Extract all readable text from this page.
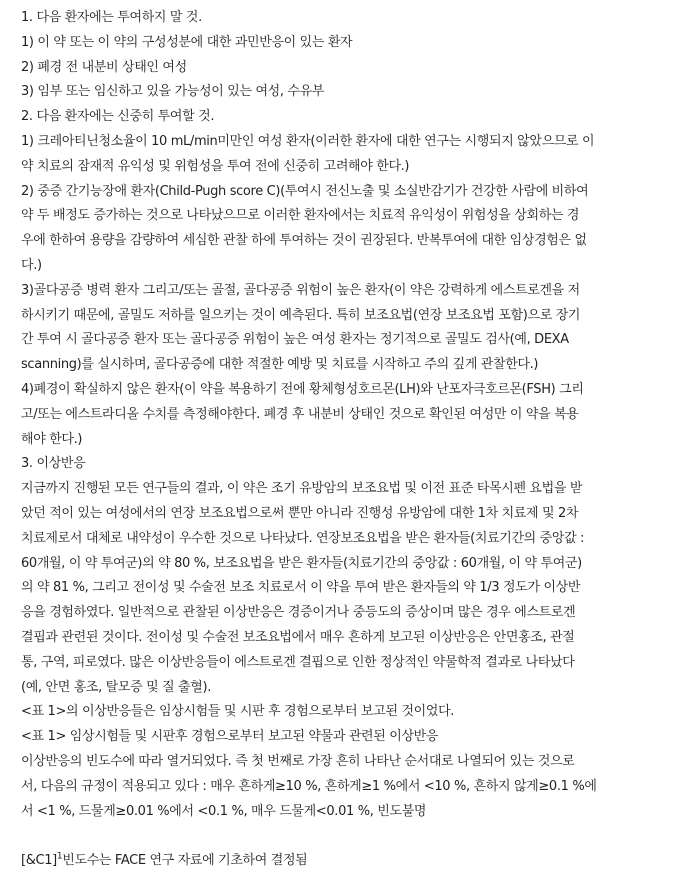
1. 다음 환자에는 투여하지 말 것.
1) 이 약 또는 이 약의 구성성분에 대한 과민반응이 있는 환자
2) 폐경 전 내분비 상태인 여성
3) 임부 또는 임신하고 있을 가능성이 있는 여성, 수유부
2. 다음 환자에는 신중히 투여할 것.
1) 크레아티닌청소율이 10 mL/min미만인 여성 환자(이러한 환자에 대한 연구는 시행되지 않았으므로 이
약 치료의 잠재적 유익성 및 위험성을 투여 전에 신중히 고려해야 한다.)
2) 중증 간기능장애 환자(Child-Pugh score C)(투여시 전신노출 및 소실반감기가 건강한 사람에 비하여
약 두 배정도 증가하는 것으로 나타났으므로 이러한 환자에서는 치료적 유익성이 위험성을 상회하는 경
우에 한하여 용량을 감량하여 세심한 관찰 하에 투여하는 것이 권장된다. 반복투여에 대한 임상경험은 없
다.)
3)골다공증 병력 환자 그리고/또는 골절, 골다공증 위험이 높은 환자(이 약은 강력하게 에스트로겐을 저
하시키기 때문에, 골밀도 저하를 일으키는 것이 예측된다. 특히 보조요법(연장 보조요법 포함)으로 장기
간 투여 시 골다공증 환자 또는 골다공증 위험이 높은 여성 환자는 정기적으로 골밀도 검사(예, DEXA
scanning)를 실시하며, 골다공증에 대한 적절한 예방 및 치료를 시작하고 주의 깊게 관찰한다.)
4)폐경이 확실하지 않은 환자(이 약을 복용하기 전에 황체형성호르몬(LH)와 난포자극호르몬(FSH) 그리
고/또는 에스트라디올 수치를 측정해야한다. 폐경 후 내분비 상태인 것으로 확인된 여성만 이 약을 복용
해야 한다.)
3. 이상반응
지금까지 진행된 모든 연구들의 결과, 이 약은 조기 유방암의 보조요법 및 이전 표준 타목시펜 요법을 받
았던 적이 있는 여성에서의 연장 보조요법으로써 뿐만 아니라 진행성 유방암에 대한 1차 치료제 및 2차
치료제로서 대체로 내약성이 우수한 것으로 나타났다. 연장보조요법을 받은 환자들(치료기간의 중앙값 :
60개월, 이 약 투여군)의 약 80 %, 보조요법을 받은 환자들(치료기간의 중앙값 : 60개월, 이 약 투여군)
의 약 81 %, 그리고 전이성 및 수술전 보조 치료로서 이 약을 투여 받은 환자들의 약 1/3 정도가 이상반
응을 경험하였다. 일반적으로 관찰된 이상반응은 경증이거나 중등도의 증상이며 많은 경우 에스트로겐
결핍과 관련된 것이다. 전이성 및 수술전 보조요법에서 매우 흔하게 보고된 이상반응은 안면홍조, 관절
통, 구역, 피로였다. 많은 이상반응들이 에스트로겐 결핍으로 인한 정상적인 약물학적 결과로 나타났다
(예, 안면 홍조, 탈모증 및 질 출혈).
<표 1>의 이상반응들은 임상시험들 및 시판 후 경험으로부터 보고된 것이었다.
<표 1> 임상시험들 및 시판후 경험으로부터 보고된 약물과 관련된 이상반응
이상반응의 빈도수에 따라 열거되었다. 즉 첫 번째로 가장 흔히 나타난 순서대로 나열되어 있는 것으로
서, 다음의 규정이 적용되고 있다 : 매우 흔하게≥10 %, 흔하게≥1 %에서 <10 %, 흔하지 않게≥0.1 %에
서 <1 %, 드물게≥0.01 %에서 <0.1 %, 매우 드물게<0.01 %, 빈도불명
[&C1]$^1$빈도수는 FACE 연구 자료에 기초하여 결정됨
